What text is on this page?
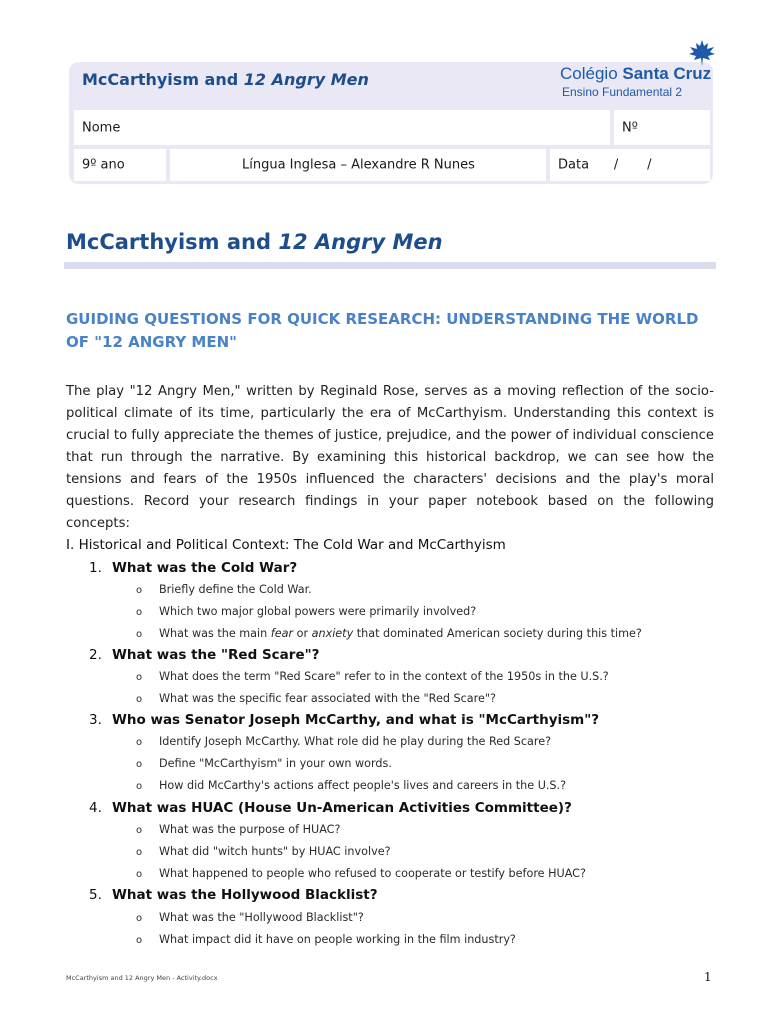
McCarthyism and 12 Angry Men	Colégio Santa Cruz
Ensino Fundamental 2
Nome	Nº
9º ano	Língua Inglesa – Alexandre R Nunes	Data      /       /
McCarthyism and 12 Angry Men
GUIDING QUESTIONS FOR QUICK RESEARCH: UNDERSTANDING THE WORLD OF "12 ANGRY MEN"
The play "12 Angry Men," written by Reginald Rose, serves as a moving reflection of the socio-political climate of its time, particularly the era of McCarthyism. Understanding this context is crucial to fully appreciate the themes of justice, prejudice, and the power of individual conscience that run through the narrative. By examining this historical backdrop, we can see how the tensions and fears of the 1950s influenced the characters' decisions and the play's moral questions. Record your research findings in your paper notebook based on the following concepts:
I. Historical and Political Context: The Cold War and McCarthyism
1. What was the Cold War?
o Briefly define the Cold War.
o Which two major global powers were primarily involved?
o What was the main fear or anxiety that dominated American society during this time?
2. What was the "Red Scare"?
o What does the term "Red Scare" refer to in the context of the 1950s in the U.S.?
o What was the specific fear associated with the "Red Scare"?
3. Who was Senator Joseph McCarthy, and what is "McCarthyism"?
o Identify Joseph McCarthy. What role did he play during the Red Scare?
o Define "McCarthyism" in your own words.
o How did McCarthy's actions affect people's lives and careers in the U.S.?
4. What was HUAC (House Un-American Activities Committee)?
o What was the purpose of HUAC?
o What did "witch hunts" by HUAC involve?
o What happened to people who refused to cooperate or testify before HUAC?
5. What was the Hollywood Blacklist?
o What was the "Hollywood Blacklist"?
o What impact did it have on people working in the film industry?
McCarthyism and 12 Angry Men - Activity.docx	1
